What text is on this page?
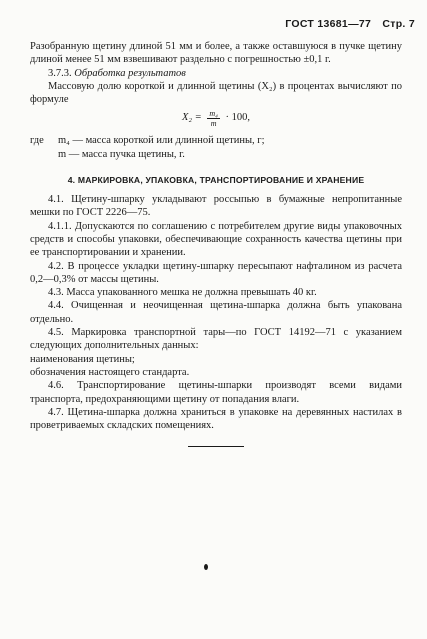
ГОСТ 13681—77 Стр. 7

Разобранную щетину длиной 51 мм и более, а также оставшуюся в пучке щетину длиной менее 51 мм взвешивают раздельно с погрешностью ±0,1 г.

3.7.3. Обработка результатов

Массовую долю короткой и длинной щетины (X₂) в процентах вычисляют по формуле

$X_2 = \frac{\text{m₄}}{m} \cdot 100$,
где	m₄ — масса короткой или длинной щетины, г;
m — масса пучка щетины, г.
4. МАРКИРОВКА, УПАКОВКА, ТРАНСПОРТИРОВАНИЕ И ХРАНЕНИЕ

4.1. Щетину-шпарку укладывают россыпью в бумажные непропитанные мешки по ГОСТ 2226—75.

4.1.1. Допускаются по соглашению с потребителем другие виды упаковочных средств и способы упаковки, обеспечивающие сохранность качества щетины при ее транспортировании и хранении.

4.2. В процессе укладки щетину-шпарку пересыпают нафталином из расчета 0,2—0,3% от массы щетины.

4.3. Масса упакованного мешка не должна превышать 40 кг.

4.4. Очищенная и неочищенная щетина-шпарка должна быть упакована отдельно.

4.5. Маркировка транспортной тары—по ГОСТ 14192—71 с указанием следующих дополнительных данных:

наименования щетины;

обозначения настоящего стандарта.

4.6. Транспортирование щетины-шпарки производят всеми видами транспорта, предохраняющими щетину от попадания влаги.

4.7. Щетина-шпарка должна храниться в упаковке на деревянных настилах в проветриваемых складских помещениях.
